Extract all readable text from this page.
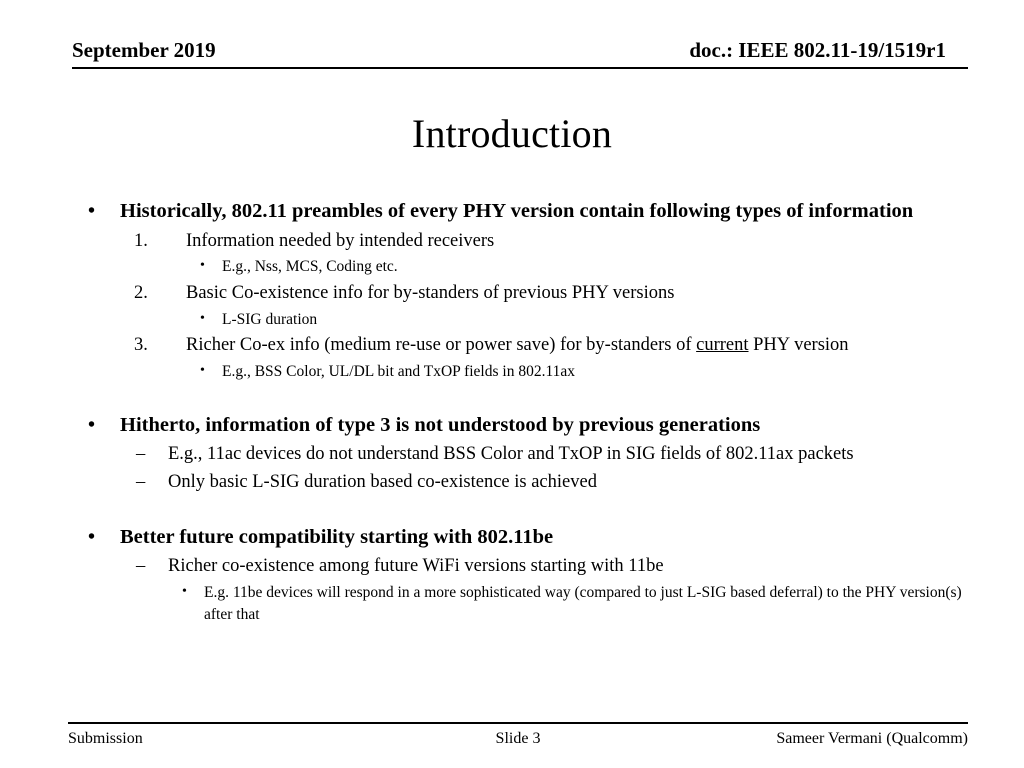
September 2019	doc.: IEEE 802.11-19/1519r1
Introduction
• Historically, 802.11 preambles of every PHY version contain following types of information
1. Information needed by intended receivers
• E.g., Nss, MCS, Coding etc.
2. Basic Co-existence info for by-standers of previous PHY versions
• L-SIG duration
3. Richer Co-ex info (medium re-use or power save) for by-standers of current PHY version
• E.g., BSS Color, UL/DL bit and TxOP fields in 802.11ax
• Hitherto, information of type 3 is not understood by previous generations
– E.g., 11ac devices do not understand BSS Color and TxOP in SIG fields of 802.11ax packets
– Only basic L-SIG duration based co-existence is achieved
• Better future compatibility starting with 802.11be
– Richer co-existence among future WiFi versions starting with 11be
• E.g. 11be devices will respond in a more sophisticated way (compared to just L-SIG based deferral) to the PHY version(s) after that
Submission	Slide 3	Sameer Vermani (Qualcomm)
